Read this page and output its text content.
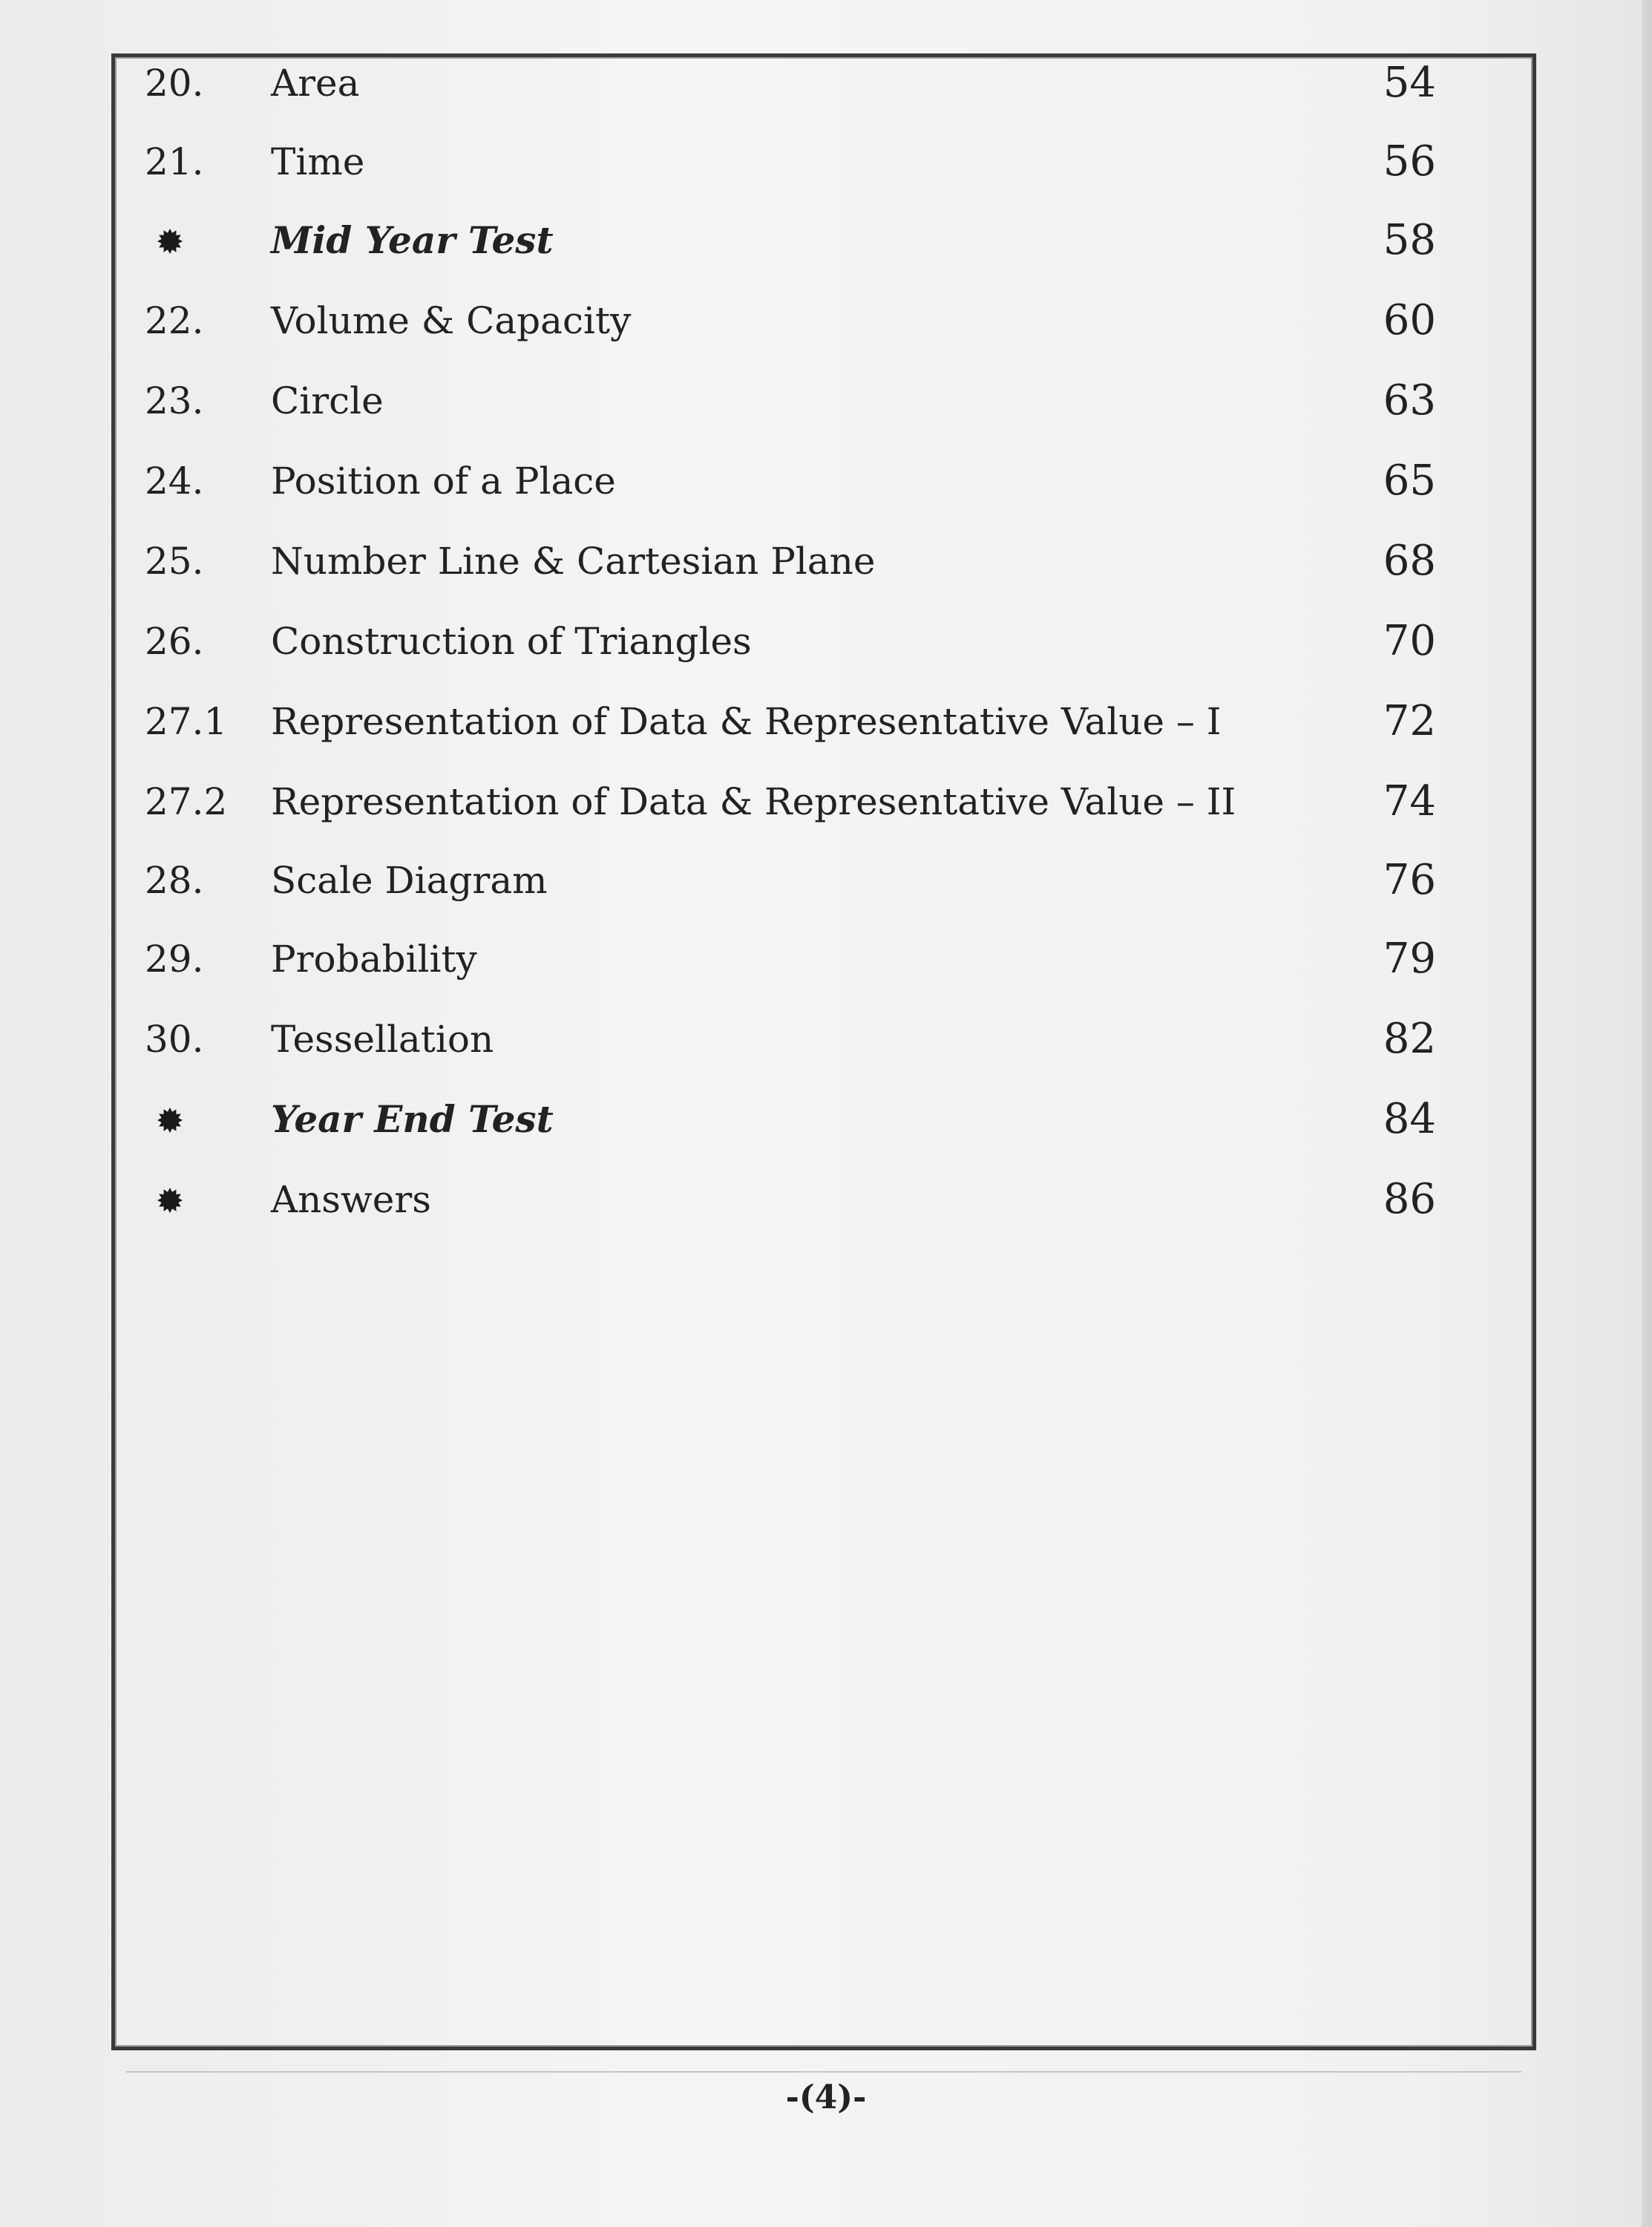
20. Area	54
21. Time	56
Mid Year Test	58
22. Volume & Capacity	60
23. Circle	63
24. Position of a Place	65
25. Number Line & Cartesian Plane	68
26. Construction of Triangles	70
27.1 Representation of Data & Representative Value – I	72
27.2 Representation of Data & Representative Value – II	74
28. Scale Diagram	76
29. Probability	79
30. Tessellation	82
Year End Test	84
Answers	86
-(4)-
